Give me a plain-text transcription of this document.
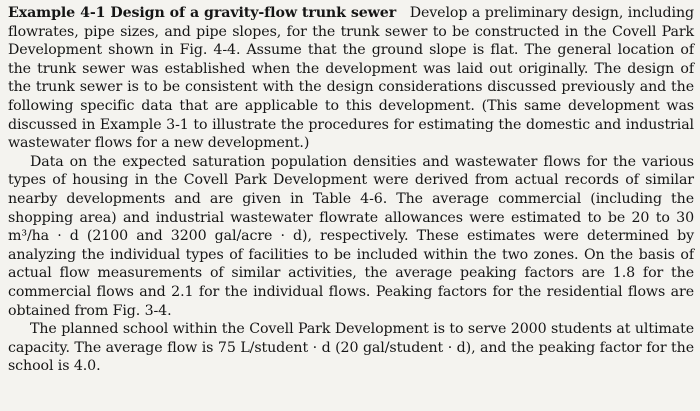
Example 4-1 Design of a gravity-flow trunk sewer Develop a preliminary design, including flowrates, pipe sizes, and pipe slopes, for the trunk sewer to be constructed in the Covell Park Development shown in Fig. 4-4. Assume that the ground slope is flat. The general location of the trunk sewer was established when the development was laid out originally. The design of the trunk sewer is to be consistent with the design considerations discussed previously and the following specific data that are applicable to this development. (This same development was discussed in Example 3-1 to illustrate the procedures for estimating the domestic and industrial wastewater flows for a new development.)

Data on the expected saturation population densities and wastewater flows for the various types of housing in the Covell Park Development were derived from actual records of similar nearby developments and are given in Table 4-6. The average commercial (including the shopping area) and industrial wastewater flowrate allowances were estimated to be 20 to 30 m³/ha · d (2100 and 3200 gal/acre · d), respectively. These estimates were determined by analyzing the individual types of facilities to be included within the two zones. On the basis of actual flow measurements of similar activities, the average peaking factors are 1.8 for the commercial flows and 2.1 for the individual flows. Peaking factors for the residential flows are obtained from Fig. 3-4.

The planned school within the Covell Park Development is to serve 2000 students at ultimate capacity. The average flow is 75 L/student · d (20 gal/student · d), and the peaking factor for the school is 4.0.
